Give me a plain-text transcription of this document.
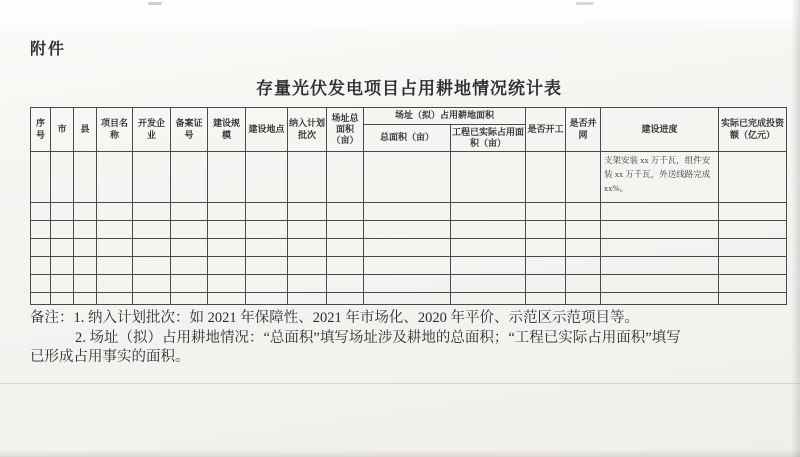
附件
存量光伏发电项目占用耕地情况统计表
序号	市	县	项目名称	开发企业	备案证号	建设规模	建设地点	纳入计划批次	场址总面积（亩）	场址（拟）占用耕地面积		是否开工	是否并网	建设进度	实际已完成投资额（亿元）
										总面积（亩）	工程已实际占用面积（亩）				
														支架安装 xx 万千瓦，组件安装 xx 万千瓦，外送线路完成 xx%。	

备注：1. 纳入计划批次：如 2021 年保障性、2021 年市场化、2020 年平价、示范区示范项目等。
2. 场址（拟）占用耕地情况：“总面积”填写场址涉及耕地的总面积；“工程已实际占用面积”填写
已形成占用事实的面积。
